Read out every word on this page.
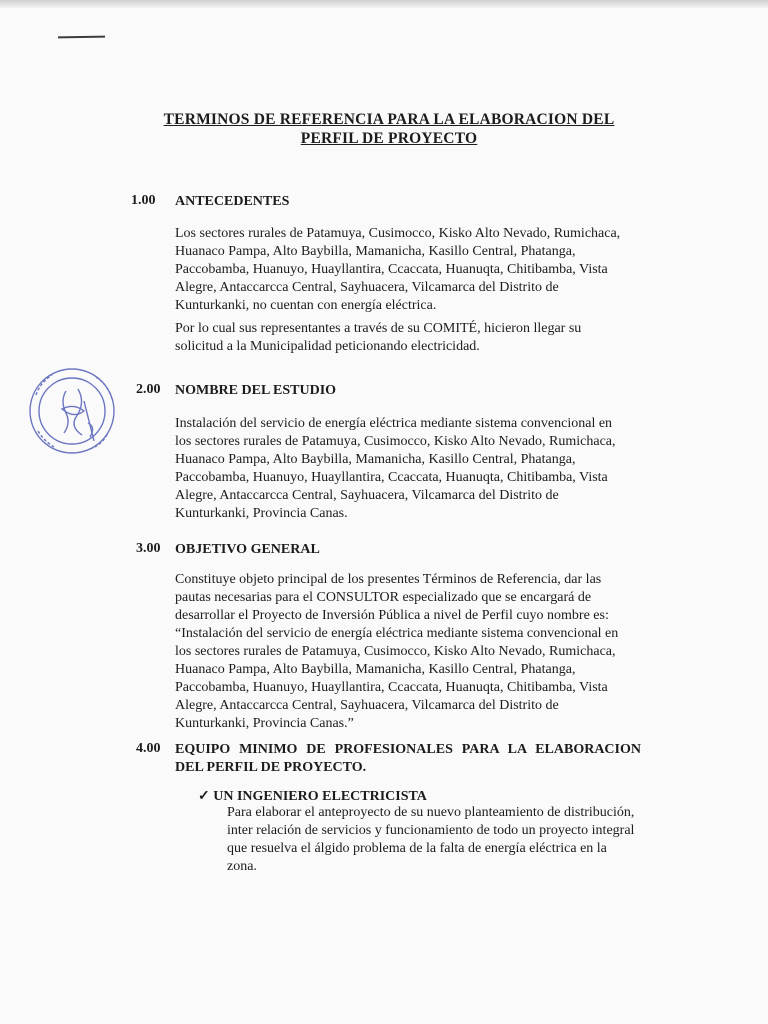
TERMINOS DE REFERENCIA PARA LA ELABORACION DEL
PERFIL DE PROYECTO
1.00 ANTECEDENTES
Los sectores rurales de Patamuya, Cusimocco, Kisko Alto Nevado, Rumichaca,
Huanaco Pampa, Alto Baybilla, Mamanicha, Kasillo Central, Phatanga,
Paccobamba, Huanuyo, Huayllantira, Ccaccata, Huanuqta, Chitibamba, Vista
Alegre, Antaccarcca Central, Sayhuacera, Vilcamarca del Distrito de
Kunturkanki, no cuentan con energía eléctrica.
Por lo cual sus representantes a través de su COMITÉ, hicieron llegar su
solicitud a la Municipalidad peticionando electricidad.
2.00 NOMBRE DEL ESTUDIO
Instalación del servicio de energía eléctrica mediante sistema convencional en
los sectores rurales de Patamuya, Cusimocco, Kisko Alto Nevado, Rumichaca,
Huanaco Pampa, Alto Baybilla, Mamanicha, Kasillo Central, Phatanga,
Paccobamba, Huanuyo, Huayllantira, Ccaccata, Huanuqta, Chitibamba, Vista
Alegre, Antaccarcca Central, Sayhuacera, Vilcamarca del Distrito de
Kunturkanki, Provincia Canas.
3.00 OBJETIVO GENERAL
Constituye objeto principal de los presentes Términos de Referencia, dar las
pautas necesarias para el CONSULTOR especializado que se encargará de
desarrollar el Proyecto de Inversión Pública a nivel de Perfil cuyo nombre es:
“Instalación del servicio de energía eléctrica mediante sistema convencional en
los sectores rurales de Patamuya, Cusimocco, Kisko Alto Nevado, Rumichaca,
Huanaco Pampa, Alto Baybilla, Mamanicha, Kasillo Central, Phatanga,
Paccobamba, Huanuyo, Huayllantira, Ccaccata, Huanuqta, Chitibamba, Vista
Alegre, Antaccarcca Central, Sayhuacera, Vilcamarca del Distrito de
Kunturkanki, Provincia Canas.”
4.00 EQUIPO MINIMO DE PROFESIONALES PARA LA ELABORACION
DEL PERFIL DE PROYECTO.
✓ UN INGENIERO ELECTRICISTA
Para elaborar el anteproyecto de su nuevo planteamiento de distribución,
inter relación de servicios y funcionamiento de todo un proyecto integral
que resuelva el álgido problema de la falta de energía eléctrica en la
zona.
